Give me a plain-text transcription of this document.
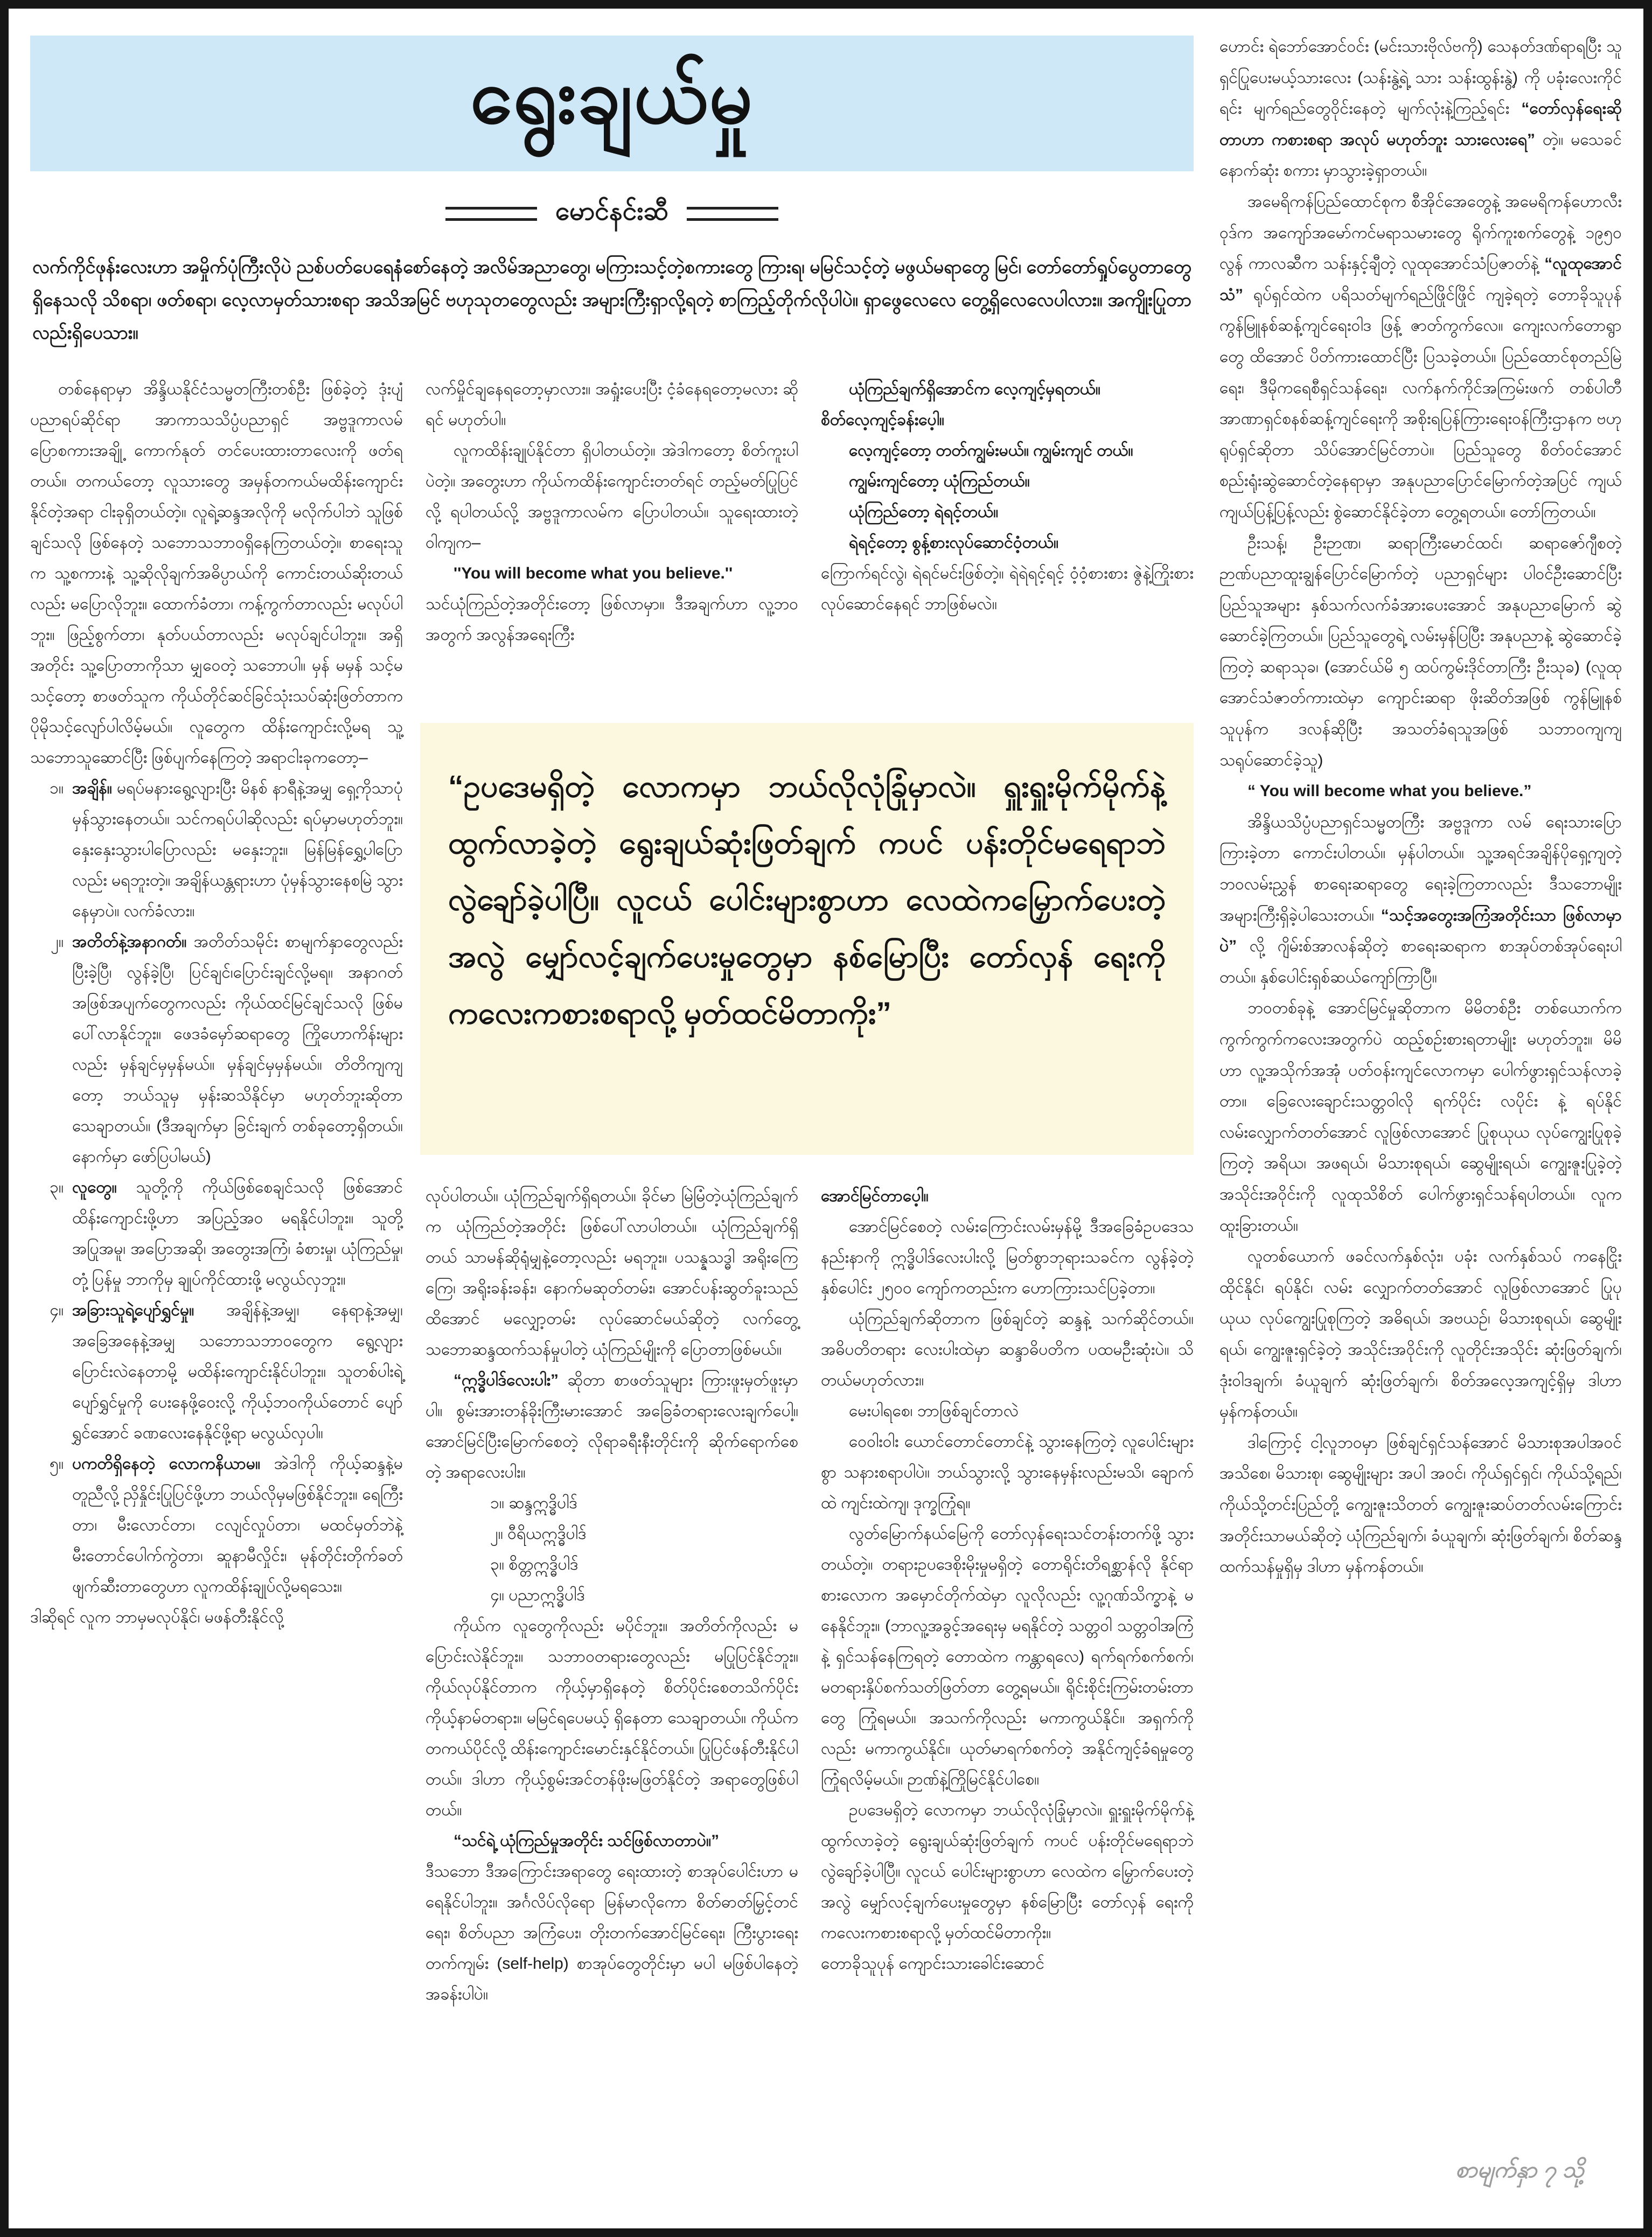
ရွေးချယ်မှု
မောင်နင်းဆီ
လက်ကိုင်ဖုန်းလေးဟာ အမှိုက်ပုံကြီးလိုပဲ ညစ်ပတ်ပေရေနံစော်နေတဲ့ အလိမ်အညာတွေ၊ မကြားသင့်တဲ့စကားတွေ ကြားရ၊ မမြင်သင့်တဲ့ မဖွယ်မရာတွေ မြင်၊ တော်တော်ရှုပ်ပွေတာတွေ ရှိနေသလို သိစရာ၊ ဖတ်စရာ၊ လေ့လာမှတ်သားစရာ အသိအမြင် ဗဟုသုတတွေလည်း အများကြီးရှာလို့ရတဲ့ စာကြည့်တိုက်လိုပါပဲ။ ရှာဖွေလေလေ တွေ့ရှိလေလေပါလား။ အကျိုးပြုတာလည်းရှိပေသား။
“ဥပဒေမရှိတဲ့ လောကမှာ ဘယ်လိုလုံခြုံမှာလဲ။ ရှူးရှူးမိုက်မိုက်နဲ့ ထွက်လာခဲ့တဲ့ ရွေးချယ်ဆုံးဖြတ်ချက် ကပင် ပန်းတိုင်မရေရာဘဲ လွဲချော်ခဲ့ပါပြီ။ လူငယ် ပေါင်းများစွာဟာ လေထဲကမြှောက်ပေးတဲ့ အလွဲ မျှော်လင့်ချက်ပေးမှုတွေမှာ နစ်မြောပြီး တော်လှန် ရေးကို ကလေးကစားစရာလို့ မှတ်ထင်မိတာကိုး”

တစ်နေရာမှာ အိန္ဒိယနိုင်ငံသမ္မတကြီးတစ်ဦး ဖြစ်ခဲ့တဲ့ ဒုံးပျံပညာရပ်ဆိုင်ရာ အာကာသသိပ္ပံပညာရှင် အဗ္ဗဒူကာလမ်ပြောစကားအချို့ ကောက်နုတ် တင်ပေးထားတာလေးကို ဖတ်ရတယ်။ တကယ်တော့ လူသားတွေ အမှန်တကယ်မထိန်းကျောင်းနိုင်တဲ့အရာ ငါးခုရှိတယ်တဲ့။ လူရဲ့ဆန္ဒအလိုကို မလိုက်ပါဘဲ သူဖြစ်ချင်သလို ဖြစ်နေတဲ့ သဘောသဘာဝရှိနေကြတယ်တဲ့။ စာရေးသူက သူ့စကားနဲ့ သူ့ဆိုလိုချက်အဓိပ္ပာယ်ကို ကောင်းတယ်ဆိုးတယ်လည်း မပြောလိုဘူး။ ထောက်ခံတာ၊ ကန့်ကွက်တာလည်း မလုပ်ပါဘူး။ ဖြည့်စွက်တာ၊ နုတ်ပယ်တာလည်း မလုပ်ချင်ပါဘူး။ အရှိအတိုင်း သူ့ပြောတာကိုသာ မျှဝေတဲ့ သဘောပါ။ မှန် မမှန် သင့်မသင့်တော့ စာဖတ်သူက ကိုယ်တိုင်ဆင်ခြင်သုံးသပ်ဆုံးဖြတ်တာက ပိုမိုသင့်လျော်ပါလိမ့်မယ်။ လူတွေက ထိန်းကျောင်းလို့မရ သူ့သဘောသူဆောင်ပြီး ဖြစ်ပျက်နေကြတဲ့ အရာငါးခုကတော့–

၁။ အချိန်။ မရပ်မနားရွေ့လျားပြီး မိနစ် နာရီနဲ့အမျှ ရှေ့ကိုသာပုံမှန်သွားနေတယ်။ သင်ကရပ်ပါဆိုလည်း ရပ်မှာမဟုတ်ဘူး။ နှေးနှေးသွားပါပြောလည်း မနှေးဘူး။ မြန်မြန်ရွှေ့ပါပြောလည်း မရဘူးတဲ့။ အချိန်ယန္တရားဟာ ပုံမှန်သွားနေစမြဲ သွားနေမှာပဲ။ လက်ခံလား။
၂။ အတိတ်နဲ့အနာဂတ်။ အတိတ်သမိုင်း စာမျက်နှာတွေလည်း ပြီးခဲ့ပြီ၊ လွန်ခဲ့ပြီ၊ ပြင်ချင်၊ပြောင်းချင်လို့မရ။ အနာဂတ်အဖြစ်အပျက်တွေကလည်း ကိုယ်ထင်မြင်ချင်သလို ဖြစ်မပေါ်လာနိုင်ဘူး။ ဖေဒခံမှော်ဆရာတွေ ကြိုဟောကိန်းများလည်း မှန်ချင်မှမှန်မယ်။ မှန်ချင်မှမှန်မယ်။ တိတိကျကျတော့ ဘယ်သူမှ မှန်းဆသိနိုင်မှာ မဟုတ်ဘူးဆိုတာ သေချာတယ်။ (ဒီအချက်မှာ ခြင်းချက် တစ်ခုတော့ရှိတယ်။ နောက်မှာ ဖော်ပြပါမယ်)
၃။ လူတွေ။ သူတို့ကို ကိုယ်ဖြစ်စေချင်သလို ဖြစ်အောင် ထိန်းကျောင်းဖို့ဟာ အပြည့်အဝ မရနိုင်ပါဘူး။ သူတို့အပြုအမူ၊ အပြောအဆို၊ အတွေးအကြံ၊ ခံစားမှု၊ ယုံကြည်မှု၊ တုံ့ပြန်မှု ဘာကိုမှ ချုပ်ကိုင်ထားဖို့ မလွယ်လှဘူး။
၄။ အခြားသူရဲ့ပျော်ရွှင်မှု။ အချိန်နဲ့အမျှ၊ နေရာနဲ့အမျှ၊ အခြေအနေနဲ့အမျှ သဘောသဘာဝတွေက ရွေ့လျားပြောင်းလဲနေတာမို့ မထိန်းကျောင်းနိုင်ပါဘူး။ သူတစ်ပါးရဲ့ ပျော်ရွှင်မှုကို ပေးနေဖို့ဝေးလို့ ကိုယ့်ဘဝကိုယ်တောင် ပျော်ရွှင်အောင် ခဏလေးနေနိုင်ဖို့ရာ မလွယ်လှပါ။
၅။ ပကတိရှိနေတဲ့ လောကနိယာမ။ အဲဒါကို ကိုယ့်ဆန္ဒနဲ့မတူညီလို့ ညှိနှိုင်းပြုပြင်ဖို့ဟာ ဘယ်လိုမှမဖြစ်နိုင်ဘူး။ ရေကြီးတာ၊ မီးလောင်တာ၊ ငလျင်လှုပ်တာ၊ မထင်မှတ်ဘဲနဲ့ မီးတောင်ပေါက်ကွဲတာ၊ ဆူနာမီလှိုင်း၊ မုန်တိုင်းတိုက်ခတ်ဖျက်ဆီးတာတွေဟာ လူကထိန်းချုပ်လို့မရသေး။

ဒါဆိုရင် လူက ဘာမှမလုပ်နိုင်၊ မဖန်တီးနိုင်လို့

လက်မှိုင်ချနေရတော့မှာလား။ အရှုံးပေးပြီး ငံ့ခံနေရတော့မလား ဆိုရင် မဟုတ်ပါ။

လူကထိန်းချုပ်နိုင်တာ ရှိပါတယ်တဲ့။ အဲဒါကတော့ စိတ်ကူးပါပဲတဲ့။ အတွေးဟာ ကိုယ်ကထိန်းကျောင်းတတ်ရင် တည့်မတ်ပြုပြင်လို့ ရပါတယ်လို့ အဗ္ဗဒူကာလမ်က ပြောပါတယ်။ သူရေးထားတဲ့ ဝါကျက–

''You will become what you believe.''

သင်ယုံကြည်တဲ့အတိုင်းတော့ ဖြစ်လာမှာ။ ဒီအချက်ဟာ လူ့ဘဝအတွက် အလွန်အရေးကြီး

လုပ်ပါတယ်။ ယုံကြည်ချက်ရှိရတယ်။ ခိုင်မာ မြဲမြံတဲ့ယုံကြည်ချက်က ယုံကြည်တဲ့အတိုင်း ဖြစ်ပေါ်လာပါတယ်။ ယုံကြည်ချက်ရှိတယ် သာမန်ဆိုရုံမျှနဲ့တော့လည်း မရဘူး။ ပသန္နသဒ္ဓါ အရိုးကြေကြေ၊ အရိုးခန်းခန်း၊ နောက်မဆုတ်တမ်း၊ အောင်ပန်းဆွတ်ခူးသည်ထိအောင် မလျှော့တမ်း လုပ်ဆောင်မယ်ဆိုတဲ့ လက်တွေ့သဘောဆန္ဒထက်သန်မှုပါတဲ့ ယုံကြည်မျိုးကို ပြောတာဖြစ်မယ်။

“ဣဒ္ဓိပါဒ်လေးပါး” ဆိုတာ စာဖတ်သူများ ကြားဖူးမှတ်ဖူးမှာပါ။ စွမ်းအားတန်ခိုးကြီးမားအောင် အခြေခံတရားလေးချက်ပေါ့။ အောင်မြင်ပြီးမြောက်စေတဲ့ လိုရာခရီးနီးတိုင်းကို ဆိုက်ရောက်စေတဲ့ အရာလေးပါး။

၁။ ဆန္ဒဣဒ္ဓိပါဒ်
၂။ ဝီရိယဣဒ္ဓိပါဒ်
၃။ စိတ္တဣဒ္ဓိပါဒ်
၄။ ပညာဣဒ္ဓိပါဒ်

ကိုယ်က လူတွေကိုလည်း မပိုင်ဘူး။ အတိတ်ကိုလည်း မပြောင်းလဲနိုင်ဘူး။ သဘာဝတရားတွေလည်း မပြုပြင်နိုင်ဘူး။ ကိုယ်လုပ်နိုင်တာက ကိုယ့်မှာရှိနေတဲ့ စိတ်ပိုင်းစေတသိက်ပိုင်း ကိုယ့်နာမ်တရား။ မမြင်ရပေမယ့် ရှိနေတာ သေချာတယ်။ ကိုယ်ကတကယ်ပိုင်လို့ ထိန်းကျောင်းမောင်းနှင်နိုင်တယ်။ ပြုပြင်ဖန်တီးနိုင်ပါတယ်။ ဒါဟာ ကိုယ့်စွမ်းအင်တန်ဖိုးမဖြတ်နိုင်တဲ့ အရာတွေဖြစ်ပါတယ်။

“သင်ရဲ့ ယုံကြည်မှုအတိုင်း သင်ဖြစ်လာတာပဲ။”

ဒီသဘော ဒီအကြောင်းအရာတွေ ရေးထားတဲ့ စာအုပ်ပေါင်းဟာ မရေနိုင်ပါဘူး။ အင်္ဂလိပ်လိုရော မြန်မာလိုကော စိတ်ဓာတ်မြှင့်တင်ရေး၊ စိတ်ပညာ အကြံပေး၊ တိုးတက်အောင်မြင်ရေး၊ ကြီးပွားရေး တက်ကျမ်း (self-help) စာအုပ်တွေတိုင်းမှာ မပါ မဖြစ်ပါနေတဲ့ အခန်းပါပဲ။

ယုံကြည်ချက်ရှိအောင်က လေ့ကျင့်မှရတယ်။

စိတ်လေ့ကျင့်ခန်းပေ့ါ။

လေ့ကျင့်တော့ တတ်ကျွမ်းမယ်။ ကျွမ်းကျင် တယ်။

ကျွမ်းကျင်တော့ ယုံကြည်တယ်။

ယုံကြည်တော့ ရဲရင့်တယ်။

ရဲရင့်တော့ စွန့်စားလုပ်ဆောင်ဝံ့တယ်။

ကြောက်ရင်လွဲ၊ ရဲရင်မင်းဖြစ်တဲ့။ ရဲရဲရင့်ရင့် ဝံ့ဝံ့စားစား ဇွဲနဲ့ကြိုးစားလုပ်ဆောင်နေရင် ဘာဖြစ်မလဲ။

အောင်မြင်တာပေ့ါ။

အောင်မြင်စေတဲ့ လမ်းကြောင်းလမ်းမှန်မို့ ဒီအခြေခံဥပဒေသနည်းနာကို ဣဒ္ဓိပါဒ်လေးပါးလို့ မြတ်စွာဘုရားသခင်က လွန်ခဲ့တဲ့ နှစ်ပေါင်း ၂၅၀၀ ကျော်ကတည်းက ဟောကြားသင်ပြခဲ့တာ။

ယုံကြည်ချက်ဆိုတာက ဖြစ်ချင်တဲ့ ဆန္ဒနဲ့ သက်ဆိုင်တယ်။ အဓိပတိတရား လေးပါးထဲမှာ ဆန္ဒာဓိပတိက ပထမဦးဆုံးပဲ။ သိတယ်မဟုတ်လား။

မေးပါရစေ၊ ဘာဖြစ်ချင်တာလဲ

ဝေဝါးဝါး ယောင်တောင်တောင်နဲ့ သွားနေကြတဲ့ လူပေါင်းများစွာ သနားစရာပါပဲ။ ဘယ်သွားလို့ သွားနေမှန်းလည်းမသိ၊ ချောက်ထဲ ကျင်းထဲကျ၊ ဒုက္ခကြုံရ။

လွတ်မြောက်နယ်မြေကို တော်လှန်ရေးသင်တန်းတက်ဖို့ သွားတယ်တဲ့။ တရားဥပဒေစိုးမိုးမှုမရှိတဲ့ တောရိုင်းတိရစ္ဆာန်လို နိုင်ရာစားလောက အမှောင်တိုက်ထဲမှာ လူလိုလည်း လူ့ဂုဏ်သိက္ခာနဲ့ မနေနိုင်ဘူး။ (ဘာလူ့အခွင့်အရေးမှ မရနိုင်တဲ့ သတ္တဝါ သတ္တဝါအကြံနဲ့ ရှင်သန်နေကြရတဲ့ တောထဲက ကန္တာရလေ) ရက်ရက်စက်စက်၊ မတရားနှိပ်စက်သတ်ဖြတ်တာ တွေ့ရမယ်။ ရိုင်းစိုင်းကြမ်းတမ်းတာတွေ ကြုံရမယ်။ အသက်ကိုလည်း မကာကွယ်နိုင်။ အရှက်ကိုလည်း မကာကွယ်နိုင်။ ယုတ်မာရက်စက်တဲ့ အနိုင်ကျင့်ခံရမှုတွေ ကြုံရလိမ့်မယ်။ ဉာဏ်နဲ့ကြိုမြင်နိုင်ပါစေ။

ဥပဒေမရှိတဲ့ လောကမှာ ဘယ်လိုလုံခြုံမှာလဲ။ ရှူးရှူးမိုက်မိုက်နဲ့ ထွက်လာခဲ့တဲ့ ရွေးချယ်ဆုံးဖြတ်ချက် ကပင် ပန်းတိုင်မရေရာဘဲ လွဲချော်ခဲ့ပါပြီ။ လူငယ် ပေါင်းများစွာဟာ လေထဲက မြှောက်ပေးတဲ့ အလွဲ မျှော်လင့်ချက်ပေးမှုတွေမှာ နစ်မြောပြီး တော်လှန် ရေးကို ကလေးကစားစရာလို့ မှတ်ထင်မိတာကိုး။

တောခိုသူပုန် ကျောင်းသားခေါင်းဆောင်

ဟောင်း ရဲဘော်အောင်ဝင်း (မင်းသားဗိုလ်ဗကို) သေနတ်ဒဏ်ရာရပြီး သူရှင်ပြုပေးမယ့်သားလေး (သန်းနွဲ့ရဲ့ သား သန်းထွန်းနွဲ့) ကို ပခုံးလေးကိုင်ရင်း မျက်ရည်တွေဝိုင်းနေတဲ့ မျက်လုံးနဲ့ကြည့်ရင်း “တော်လှန်ရေးဆိုတာဟာ ကစားစရာ အလုပ် မဟုတ်ဘူး သားလေးရေ” တဲ့။ မသေခင် နောက်ဆုံး စကား မှာသွားခဲ့ရှာတယ်။

အမေရိကန်ပြည်ထောင်စုက စီအိုင်အေတွေနဲ့ အမေရိကန်ဟောလီးဝုဒ်က အကျော်အမော်ကင်မရာသမားတွေ ရိုက်ကူးစက်တွေနဲ့ ၁၉၅၀ လွန် ကာလဆီက သန်းနှင့်ချီတဲ့ လူထုအောင်သံပြဇာတ်နဲ့ “လူထုအောင်သံ” ရုပ်ရှင်ထဲက ပရိသတ်မျက်ရည်ဖြိုင်ဖြိုင် ကျခဲ့ရတဲ့ တောခိုသူပုန်ကွန်မြူနစ်ဆန့်ကျင်ရေးဝါဒ ဖြန့် ဇာတ်ကွက်လေ။ ကျေးလက်တောရွာတွေ ထိအောင် ပိတ်ကားထောင်ပြီး ပြသခဲ့တယ်။ ပြည်ထောင်စုတည်မြဲရေး၊ ဒီမိုကရေစီရှင်သန်ရေး၊ လက်နက်ကိုင်အကြမ်းဖက် တစ်ပါတီအာဏာရှင်စနစ်ဆန့်ကျင်ရေးကို အစိုးရပြန်ကြားရေးဝန်ကြီးဌာနက ဗဟုရုပ်ရှင်ဆိုတာ သိပ်အောင်မြင်တာပဲ။ ပြည်သူတွေ စိတ်ဝင်အောင် စည်းရုံးဆွဲဆောင်တဲ့နေရာမှာ အနုပညာပြောင်မြောက်တဲ့အပြင် ကျယ်ကျယ်ပြန့်ပြန့်လည်း စွဲဆောင်နိုင်ခဲ့တာ တွေ့ရတယ်။ တော်ကြတယ်။

ဦးသန့်၊ ဦးဉာဏ၊ ဆရာကြီးမောင်ထင်၊ ဆရာဇော်ဂျီစတဲ့ ဉာဏ်ပညာထူးချွန်ပြောင်မြောက်တဲ့ ပညာရှင်များ ပါဝင်ဦးဆောင်ပြီး ပြည်သူအများ နှစ်သက်လက်ခံအားပေးအောင် အနုပညာမြောက် ဆွဲဆောင်ခဲ့ကြတယ်။ ပြည်သူတွေရဲ့ လမ်းမှန်ပြပြီး အနုပညာနဲ့ ဆွဲဆောင်ခဲ့ကြတဲ့ ဆရာသုခ၊ (အောင်ယ်မိ ၅ ထပ်ကွမ်းဒိုင်တာကြီး ဦးသုခ) (လူထုအောင်သံဇာတ်ကားထဲမှာ ကျောင်းဆရာ ဖိုးဆိတ်အဖြစ် ကွန်မြူနစ်သူပုန်က ဒလန်ဆိုပြီး အသတ်ခံရသူအဖြစ် သဘာဝကျကျ သရုပ်ဆောင်ခဲ့သူ)

“ You will become what you believe.”

အိန္ဒိယသိပ္ပံပညာရှင်သမ္မတကြီး အဗ္ဗဒူကာ လမ် ရေးသားပြောကြားခဲ့တာ ကောင်းပါတယ်။ မှန်ပါတယ်။ သူ့အရင်အချိန်ပိုရှေ့ကျတဲ့ ဘဝလမ်းညွှန် စာရေးဆရာတွေ ရေးခဲ့ကြတာလည်း ဒီသဘောမျိုး အများကြီးရှိခဲ့ပါသေးတယ်။ “သင့်အတွေးအကြံအတိုင်းသာ ဖြစ်လာမှာပဲ” လို့ ဂျိမ်းစ်အာလန်ဆိုတဲ့ စာရေးဆရာက စာအုပ်တစ်အုပ်ရေးပါတယ်။ နှစ်ပေါင်းရှစ်ဆယ်ကျော်ကြာပြီ။

ဘဝတစ်ခုနဲ့ အောင်မြင်မှုဆိုတာက မိမိတစ်ဦး တစ်ယောက်က ကွက်ကွက်ကလေးအတွက်ပဲ ထည့်စဉ်းစားရတာမျိုး မဟုတ်ဘူး။ မိမိဟာ လူ့အသိုက်အအုံ ပတ်ဝန်းကျင်လောကမှာ ပေါက်ဖွားရှင်သန်လာခဲ့တာ။ ခြေလေးချောင်းသတ္တဝါလို ရက်ပိုင်း လပိုင်း နဲ့ ရပ်နိုင် လမ်းလျှောက်တတ်အောင် လူဖြစ်လာအောင် ပြုစုယုယ လုပ်ကျွေးပြုစုခဲ့ကြတဲ့ အရိယ၊ အဖရယ်၊ မိသားစုရယ်၊ ဆွေမျိုးရယ်၊ ကျွေးဇူးပြုခဲ့တဲ့ အသိုင်းအဝိုင်းကို လူထုသိစိတ် ပေါက်ဖွားရှင်သန်ရပါတယ်။ လူက ထူးခြားတယ်။

လူတစ်ယောက် ဖခင်လက်နှစ်လုံး၊ ပခုံး လက်နှစ်သပ် ကနေငြိုး ထိုင်နိုင်၊ ရပ်နိုင်၊ လမ်း လျှောက်တတ်အောင် လူဖြစ်လာအောင် ပြုပုယုယ လုပ်ကျွေးပြုစုကြတဲ့ အဓိရယ်၊ အဗယဉ်၊ မိသားစုရယ်၊ ဆွေမျိုးရယ်၊ ကျွေးဇူးရှင်ခဲ့တဲ့ အသိုင်းအဝိုင်းကို လူတိုင်းအသိုင်း ဆုံးဖြတ်ချက်၊ ဒုံးဝါဒချက်၊ ခံယူချက် ဆုံးဖြတ်ချက်၊ စိတ်အလေ့အကျင့်ရှိမှ ဒါဟာ မှန်ကန်တယ်။

ဒါကြောင့် ငါ့လူဘဝမှာ ဖြစ်ချင်ရှင်သန်အောင် မိသားစုအပါအဝင်အသိစေ၊ မိသားစု၊ ဆွေမျိုးများ အပါ အဝင်၊ ကိုယ်ရှင်ရှင်၊ ကိုယ်သို့ရည်၊ ကိုယ်သို့တင်းပြည်တို့ ကျွေးဇူးသိတတ် ကျွေးဇူးဆပ်တတ်လမ်းကြောင်း အတိုင်းသာမယ်ဆိုတဲ့ ယုံကြည်ချက်၊ ခံယူချက်၊ ဆုံးဖြတ်ချက်၊ စိတ်ဆန္ဒထက်သန်မှုရှိမှ ဒါဟာ မှန်ကန်တယ်။

စာမျက်နှာ ၇ သို့
